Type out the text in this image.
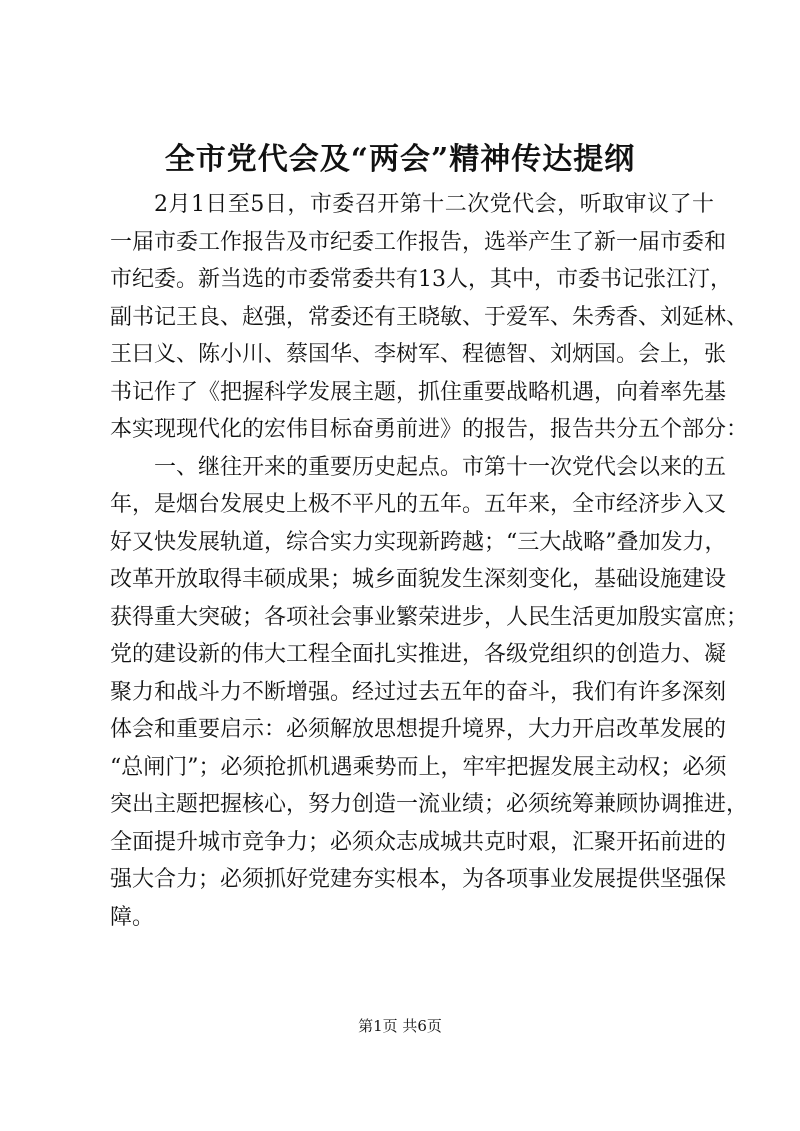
全市党代会及“两会”精神传达提纲
2月1日至5日，市委召开第十二次党代会，听取审议了十
一届市委工作报告及市纪委工作报告，选举产生了新一届市委和
市纪委。新当选的市委常委共有13人，其中，市委书记张江汀，
副书记王良、赵强，常委还有王晓敏、于爱军、朱秀香、刘延林、
王曰义、陈小川、蔡国华、李树军、程德智、刘炳国。会上，张
书记作了《把握科学发展主题，抓住重要战略机遇，向着率先基
本实现现代化的宏伟目标奋勇前进》的报告，报告共分五个部分：
一、继往开来的重要历史起点。市第十一次党代会以来的五
年，是烟台发展史上极不平凡的五年。五年来，全市经济步入又
好又快发展轨道，综合实力实现新跨越；“三大战略”叠加发力，
改革开放取得丰硕成果；城乡面貌发生深刻变化，基础设施建设
获得重大突破；各项社会事业繁荣进步，人民生活更加殷实富庶；
党的建设新的伟大工程全面扎实推进，各级党组织的创造力、凝
聚力和战斗力不断增强。经过过去五年的奋斗，我们有许多深刻
体会和重要启示：必须解放思想提升境界，大力开启改革发展的
“总闸门”；必须抢抓机遇乘势而上，牢牢把握发展主动权；必须
突出主题把握核心，努力创造一流业绩；必须统筹兼顾协调推进，
全面提升城市竞争力；必须众志成城共克时艰，汇聚开拓前进的
强大合力；必须抓好党建夯实根本，为各项事业发展提供坚强保
障。
第1页 共6页
